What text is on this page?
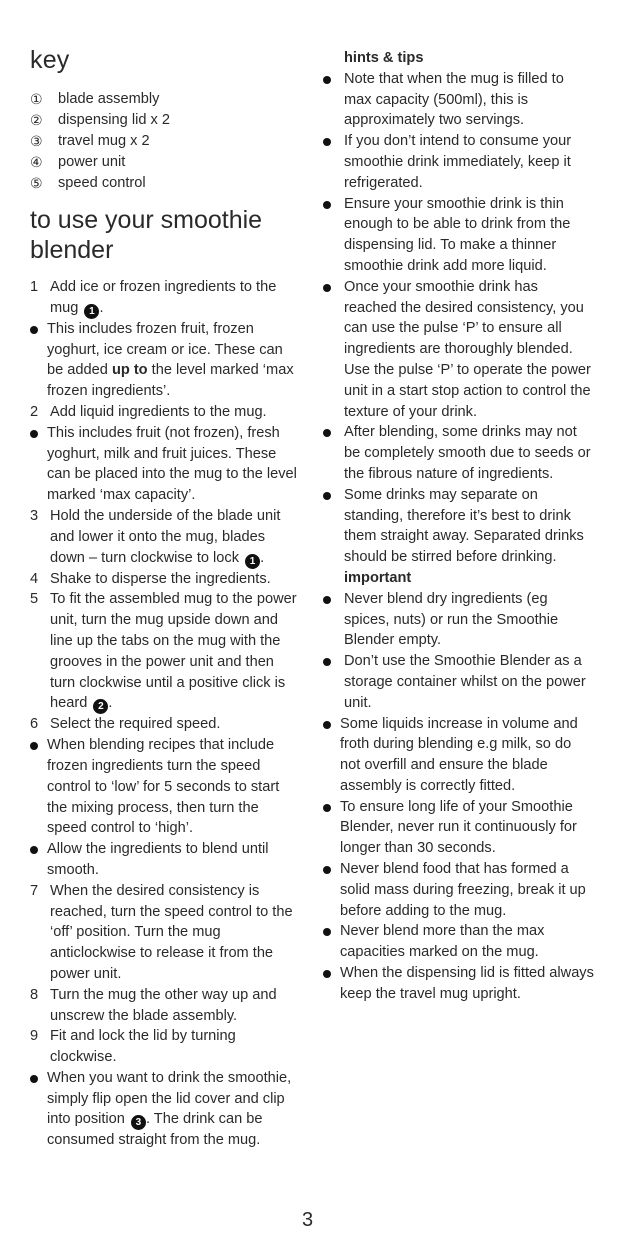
key
①	blade assembly
②	dispensing lid x 2
③	travel mug x 2
④	power unit
⑤	speed control
to use your smoothie blender
1 Add ice or frozen ingredients to the mug 1 .
This includes frozen fruit, frozen yoghurt, ice cream or ice. These can be added up to the level marked ‘max frozen ingredients’.
2 Add liquid ingredients to the mug.
This includes fruit (not frozen), fresh yoghurt, milk and fruit juices. These can be placed into the mug to the level marked ‘max capacity’.
3 Hold the underside of the blade unit and lower it onto the mug, blades down – turn clockwise to lock 1 .
4 Shake to disperse the ingredients.
5 To fit the assembled mug to the power unit, turn the mug upside down and line up the tabs on the mug with the grooves in the power unit and then turn clockwise until a positive click is heard 2 .
6 Select the required speed.
When blending recipes that include frozen ingredients turn the speed control to ‘low’ for 5 seconds to start the mixing process, then turn the speed control to ‘high’.
Allow the ingredients to blend until smooth.
7 When the desired consistency is reached, turn the speed control to the ‘off’ position. Turn the mug anticlockwise to release it from the power unit.
8 Turn the mug the other way up and unscrew the blade assembly.
9 Fit and lock the lid by turning clockwise.
When you want to drink the smoothie, simply flip open the lid cover and clip into position 3 . The drink can be consumed straight from the mug.
hints & tips
Note that when the mug is filled to max capacity (500ml), this is approximately two servings.
If you don’t intend to consume your smoothie drink immediately, keep it refrigerated.
Ensure your smoothie drink is thin enough to be able to drink from the dispensing lid. To make a thinner smoothie drink add more liquid.
Once your smoothie drink has reached the desired consistency, you can use the pulse ‘P’ to ensure all ingredients are thoroughly blended. Use the pulse ‘P’ to operate the power unit in a start stop action to control the texture of your drink.
After blending, some drinks may not be completely smooth due to seeds or the fibrous nature of ingredients.
Some drinks may separate on standing, therefore it’s best to drink them straight away. Separated drinks should be stirred before drinking.
important
Never blend dry ingredients (eg spices, nuts) or run the Smoothie Blender empty.
Don’t use the Smoothie Blender as a storage container whilst on the power unit.
Some liquids increase in volume and froth during blending e.g milk, so do not overfill and ensure the blade assembly is correctly fitted.
To ensure long life of your Smoothie Blender, never run it continuously for longer than 30 seconds.
Never blend food that has formed a solid mass during freezing, break it up before adding to the mug.
Never blend more than the max capacities marked on the mug.
When the dispensing lid is fitted always keep the travel mug upright.
3
